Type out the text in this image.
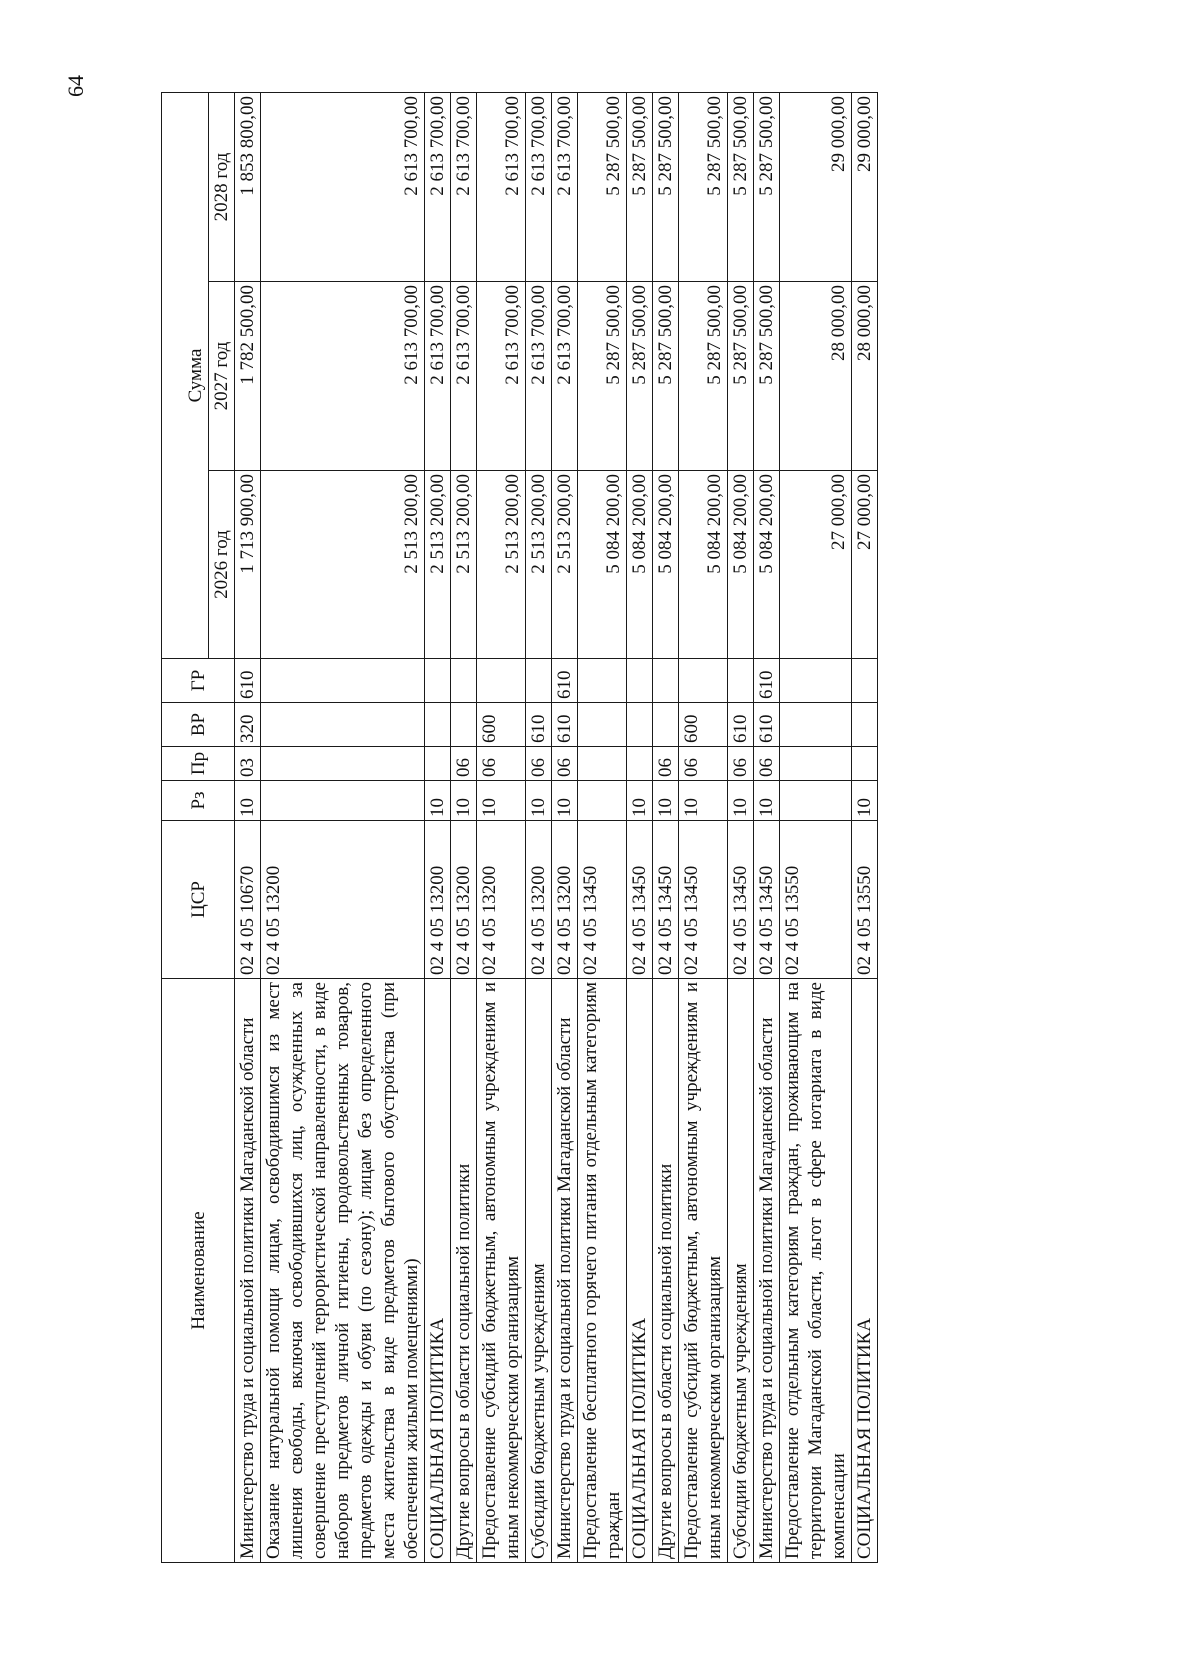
64
Наименование	ЦСР	Рз	Пр	ВР	ГР	Сумма		
						2026 год	2027 год	2028 год
Министерство труда и социальной политики Магаданской области	02 4 05 10670	10	03	320	610	1 713 900,00	1 782 500,00	1 853 800,00
Оказание натуральной помощи лицам, освободившимся из мест лишения свободы, включая освободившихся лиц, осужденных за совершение преступлений террористической направленности, в виде наборов предметов личной гигиены, продовольственных товаров, предметов одежды и обуви (по сезону); лицам без определенного места жительства в виде предметов бытового обустройства (при обеспечении жилыми помещениями)	02 4 05 13200					2 513 200,00	2 613 700,00	2 613 700,00
СОЦИАЛЬНАЯ ПОЛИТИКА	02 4 05 13200	10				2 513 200,00	2 613 700,00	2 613 700,00
Другие вопросы в области социальной политики	02 4 05 13200	10	06			2 513 200,00	2 613 700,00	2 613 700,00
Предоставление субсидий бюджетным, автономным учреждениям и иным некоммерческим организациям	02 4 05 13200	10	06	600		2 513 200,00	2 613 700,00	2 613 700,00
Субсидии бюджетным учреждениям	02 4 05 13200	10	06	610		2 513 200,00	2 613 700,00	2 613 700,00
Министерство труда и социальной политики Магаданской области	02 4 05 13200	10	06	610	610	2 513 200,00	2 613 700,00	2 613 700,00
Предоставление бесплатного горячего питания отдельным категориям граждан	02 4 05 13450					5 084 200,00	5 287 500,00	5 287 500,00
СОЦИАЛЬНАЯ ПОЛИТИКА	02 4 05 13450	10				5 084 200,00	5 287 500,00	5 287 500,00
Другие вопросы в области социальной политики	02 4 05 13450	10	06			5 084 200,00	5 287 500,00	5 287 500,00
Предоставление субсидий бюджетным, автономным учреждениям и иным некоммерческим организациям	02 4 05 13450	10	06	600		5 084 200,00	5 287 500,00	5 287 500,00
Субсидии бюджетным учреждениям	02 4 05 13450	10	06	610		5 084 200,00	5 287 500,00	5 287 500,00
Министерство труда и социальной политики Магаданской области	02 4 05 13450	10	06	610	610	5 084 200,00	5 287 500,00	5 287 500,00
Предоставление отдельным категориям граждан, проживающим на территории Магаданской области, льгот в сфере нотариата в виде компенсации	02 4 05 13550					27 000,00	28 000,00	29 000,00
СОЦИАЛЬНАЯ ПОЛИТИКА	02 4 05 13550	10				27 000,00	28 000,00	29 000,00
